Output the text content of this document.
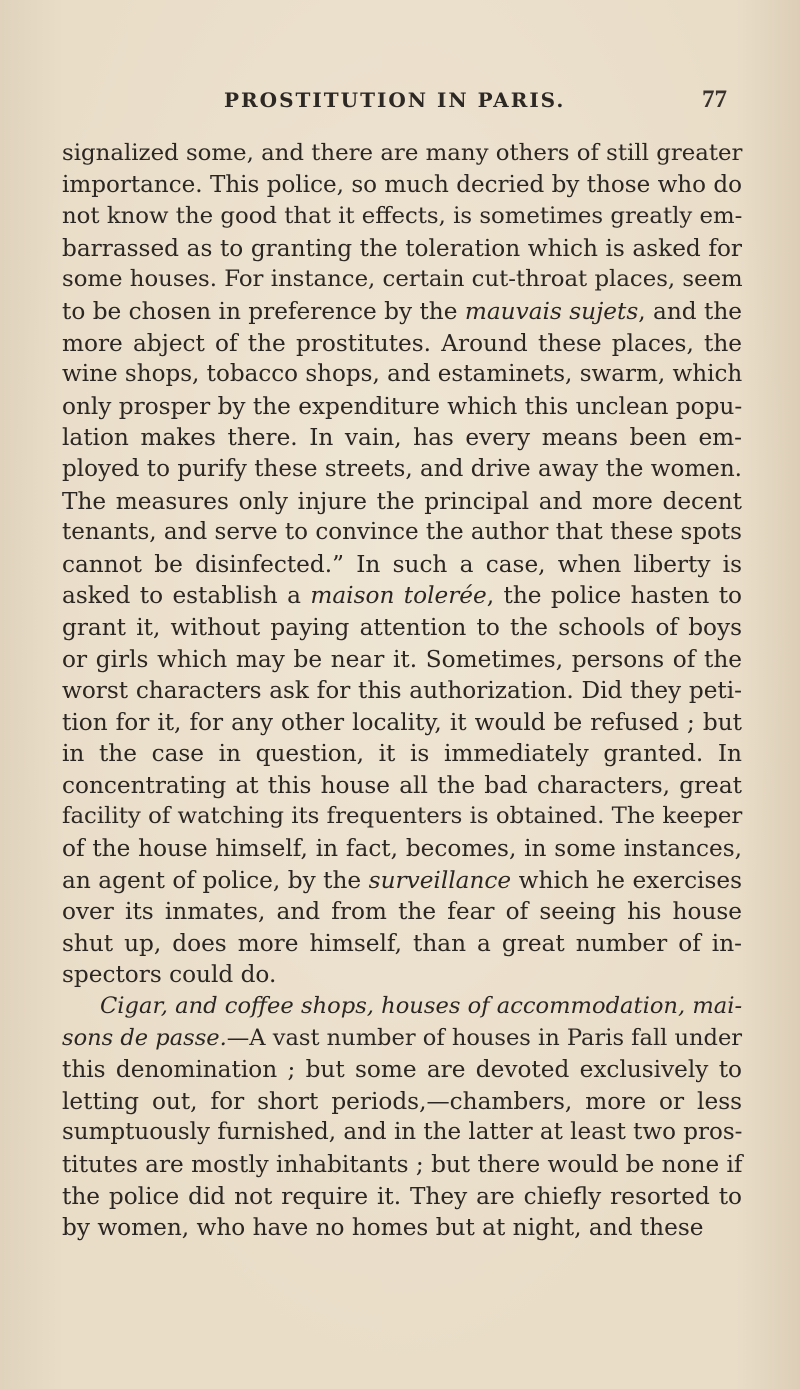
PROSTITUTION IN PARIS.	77
signalized some, and there are many others of still greater
importance. This police, so much decried by those who do
not know the good that it effects, is sometimes greatly em-
barrassed as to granting the toleration which is asked for
some houses. For instance, certain cut-throat places, seem
to be chosen in preference by the mauvais sujets, and the
more abject of the prostitutes. Around these places, the
wine shops, tobacco shops, and estaminets, swarm, which
only prosper by the expenditure which this unclean popu-
lation makes there. In vain, has every means been em-
ployed to purify these streets, and drive away the women.
The measures only injure the principal and more decent
tenants, and serve to convince the author that these spots
cannot be disinfected.” In such a case, when liberty is
asked to establish a maison tolerée, the police hasten to
grant it, without paying attention to the schools of boys
or girls which may be near it. Sometimes, persons of the
worst characters ask for this authorization. Did they peti-
tion for it, for any other locality, it would be refused ; but
in the case in question, it is immediately granted. In
concentrating at this house all the bad characters, great
facility of watching its frequenters is obtained. The keeper
of the house himself, in fact, becomes, in some instances,
an agent of police, by the surveillance which he exercises
over its inmates, and from the fear of seeing his house
shut up, does more himself, than a great number of in-
spectors could do.
Cigar, and coffee shops, houses of accommodation, mai-
sons de passe.—A vast number of houses in Paris fall under
this denomination ; but some are devoted exclusively to
letting out, for short periods,—chambers, more or less
sumptuously furnished, and in the latter at least two pros-
titutes are mostly inhabitants ; but there would be none if
the police did not require it. They are chiefly resorted to
by women, who have no homes but at night, and these
